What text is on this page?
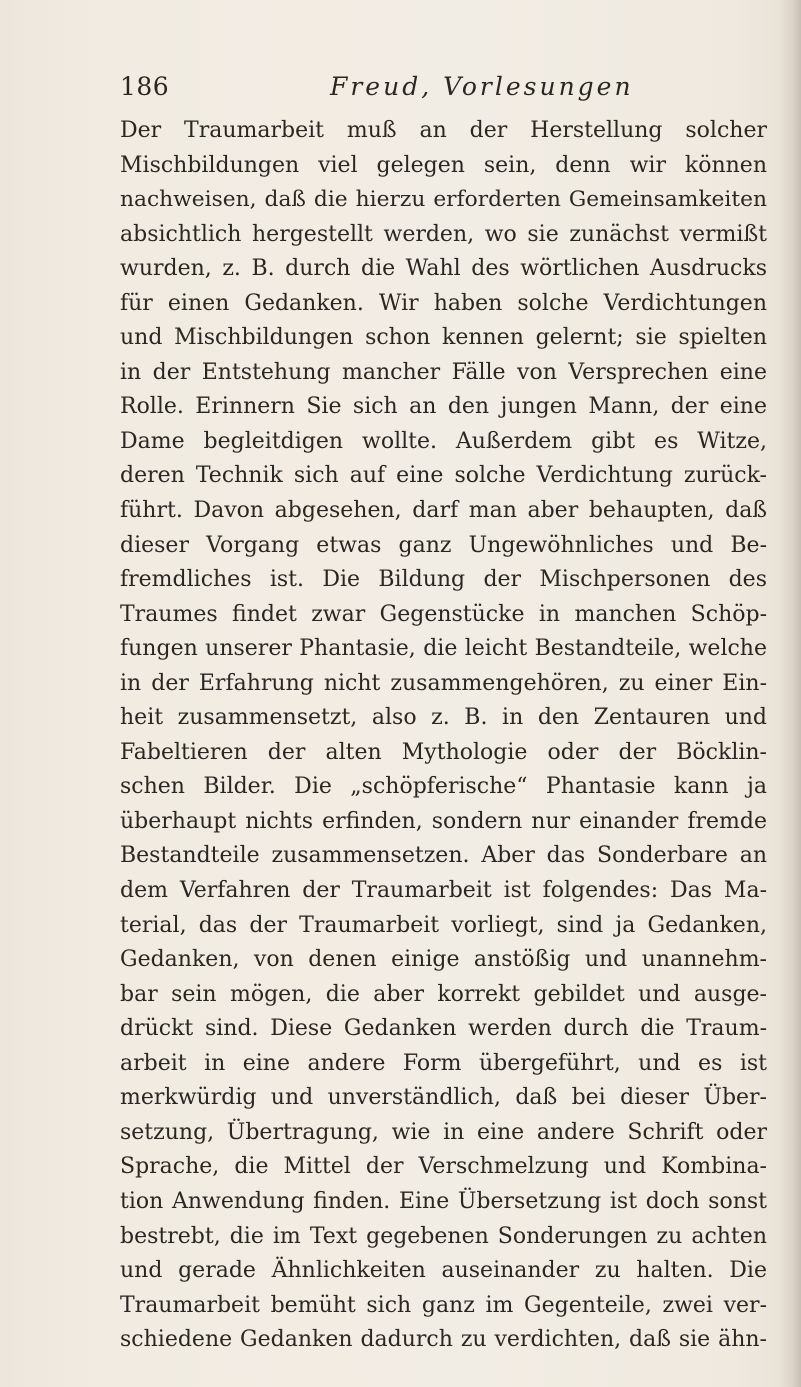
186	Freud, Vorlesungen
Der Traumarbeit muß an der Herstellung solcher
Mischbildungen viel gelegen sein, denn wir können
nachweisen, daß die hierzu erforderten Gemeinsamkeiten
absichtlich hergestellt werden, wo sie zunächst vermißt
wurden, z. B. durch die Wahl des wörtlichen Ausdrucks
für einen Gedanken. Wir haben solche Verdichtungen
und Mischbildungen schon kennen gelernt; sie spielten
in der Entstehung mancher Fälle von Versprechen eine
Rolle. Erinnern Sie sich an den jungen Mann, der eine
Dame begleitdigen wollte. Außerdem gibt es Witze,
deren Technik sich auf eine solche Verdichtung zurück-
führt. Davon abgesehen, darf man aber behaupten, daß
dieser Vorgang etwas ganz Ungewöhnliches und Be-
fremdliches ist. Die Bildung der Mischpersonen des
Traumes findet zwar Gegenstücke in manchen Schöp-
fungen unserer Phantasie, die leicht Bestandteile, welche
in der Erfahrung nicht zusammengehören, zu einer Ein-
heit zusammensetzt, also z. B. in den Zentauren und
Fabeltieren der alten Mythologie oder der Böcklin-
schen Bilder. Die „schöpferische“ Phantasie kann ja
überhaupt nichts erfinden, sondern nur einander fremde
Bestandteile zusammensetzen. Aber das Sonderbare an
dem Verfahren der Traumarbeit ist folgendes: Das Ma-
terial, das der Traumarbeit vorliegt, sind ja Gedanken,
Gedanken, von denen einige anstößig und unannehm-
bar sein mögen, die aber korrekt gebildet und ausge-
drückt sind. Diese Gedanken werden durch die Traum-
arbeit in eine andere Form übergeführt, und es ist
merkwürdig und unverständlich, daß bei dieser Über-
setzung, Übertragung, wie in eine andere Schrift oder
Sprache, die Mittel der Verschmelzung und Kombina-
tion Anwendung finden. Eine Übersetzung ist doch sonst
bestrebt, die im Text gegebenen Sonderungen zu achten
und gerade Ähnlichkeiten auseinander zu halten. Die
Traumarbeit bemüht sich ganz im Gegenteile, zwei ver-
schiedene Gedanken dadurch zu verdichten, daß sie ähn-
